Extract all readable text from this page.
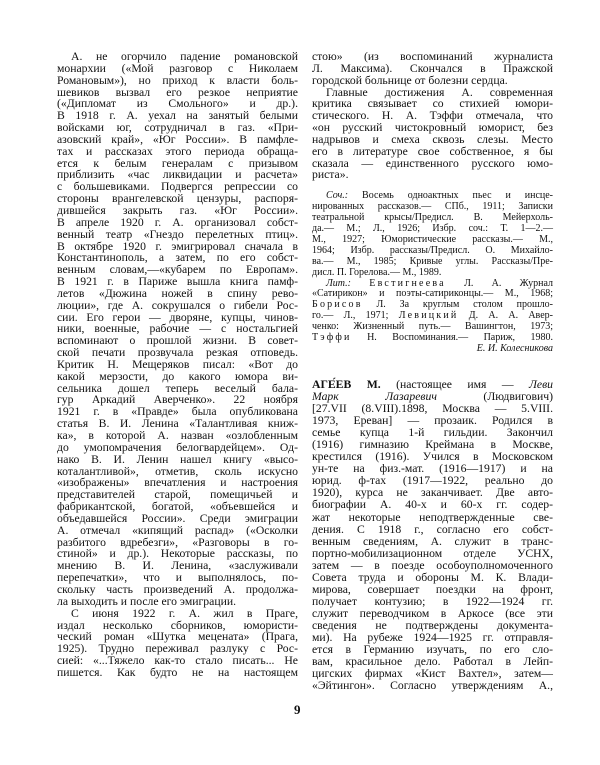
А. не огорчило падение романовской
монархии («Мой разговор с Николаем
Романовым»), но приход к власти боль-
шевиков вызвал его резкое неприятие
(«Дипломат из Смольного» и др.).
В 1918 г. А. уехал на занятый белыми
войсками юг, сотрудничал в газ. «При-
азовский край», «Юг России». В памфле-
тах и рассказах этого периода обраща-
ется к белым генералам с призывом
приблизить «час ликвидации и расчета»
с большевиками. Подвергся репрессии со
стороны врангелевской цензуры, распоря-
дившейся закрыть газ. «Юг России».
В апреле 1920 г. А. организовал собст-
венный театр «Гнездо перелетных птиц».
В октябре 1920 г. эмигрировал сначала в
Константинополь, а затем, по его собст-
венным словам,—«кубарем по Европам».
В 1921 г. в Париже вышла книга памф-
летов «Дюжина ножей в спину рево-
люции», где А. сокрушался о гибели Рос-
сии. Его герои — дворяне, купцы, чинов-
ники, военные, рабочие — с ностальгией
вспоминают о прошлой жизни. В совет-
ской печати прозвучала резкая отповедь.
Критик Н. Мещеряков писал: «Вот до
какой мерзости, до какого юмора ви-
сельника дошел теперь веселый бала-
гур Аркадий Аверченко». 22 ноября
1921 г. в «Правде» была опубликована
статья В. И. Ленина «Талантливая книж-
ка», в которой А. назван «озлобленным
до умопомрачения белогвардейцем». Од-
нако В. И. Ленин нашел книгу «высо-
коталантливой», отметив, сколь искусно
«изображены» впечатления и настроения
представителей старой, помещичьей и
фабрикантской, богатой, «объевшейся и
объедавшейся России». Среди эмиграции
А. отмечал «кипящий распад» («Осколки
разбитого вдребезги», «Разговоры в го-
стиной» и др.). Некоторые рассказы, по
мнению В. И. Ленина, «заслуживали
перепечатки», что и выполнялось, по-
скольку часть произведений А. продолжа-
ла выходить и после его эмиграции.
С июня 1922 г. А. жил в Праге,
издал несколько сборников, юмористи-
ческий роман «Шутка мецената» (Прага,
1925). Трудно переживал разлуку с Рос-
сией: «...Тяжело как-то стало писать... Не
пишется. Как будто не на настоящем
стою» (из воспоминаний журналиста
Л. Максима). Скончался в Пражской
городской больнице от болезни сердца.
Главные достижения А. современная
критика связывает со стихией юмори-
стического. Н. А. Тэффи отмечала, что
«он русский чистокровный юморист, без
надрывов и смеха сквозь слезы. Место
его в литературе свое собственное, я бы
сказала — единственного русского юмо-
риста».
Соч.: Восемь одноактных пьес и инсце-
нированных рассказов.— СПб., 1911; Записки
театральной крысы/Предисл. В. Мейерхоль-
да.— М.; Л., 1926; Избр. соч.: Т. 1—2.—
М., 1927; Юмористические рассказы.— М.,
1964; Избр. рассказы/Предисл. О. Михайло-
ва.— М., 1985; Кривые углы. Рассказы/Пре-
дисл. П. Горелова.— М., 1989.
Лит.: Евстигнеева Л. А. Журнал
«Сатирикон» и поэты-сатириконцы.— М., 1968;
Борисов Л. За круглым столом прошло-
го.— Л., 1971; Левицкий Д. А. А. Авер-
ченко: Жизненный путь.— Вашингтон, 1973;
Тэффи Н. Воспоминания.— Париж, 1980.
Е. И. Колесникова
АГЕ́ЕВ М. (настоящее имя — Леви
Марк Лазаревич (Людвигович)
[27.VII (8.VIII).1898, Москва — 5.VIII.
1973, Ереван] — прозаик. Родился в
семье купца 1-й гильдии. Закончил
(1916) гимназию Креймана в Москве,
крестился (1916). Учился в Московском
ун-те на физ.-мат. (1916—1917) и на
юрид. ф-тах (1917—1922, реально до
1920), курса не заканчивает. Две авто-
биографии А. 40-х и 60-х гг. содер-
жат некоторые неподтвержденные све-
дения. С 1918 г., согласно его собст-
венным сведениям, А. служит в транс-
портно-мобилизационном отделе УСНХ,
затем — в поезде особоуполномоченного
Совета труда и обороны М. К. Влади-
мирова, совершает поездки на фронт,
получает контузию; в 1922—1924 гг.
служит переводчиком в Аркосе (все эти
сведения не подтверждены документа-
ми). На рубеже 1924—1925 гг. отправля-
ется в Германию изучать, по его сло-
вам, красильное дело. Работал в Лейп-
цигских фирмах «Кист Вахтел», затем—
«Эйтингон». Согласно утверждениям А.,
9
